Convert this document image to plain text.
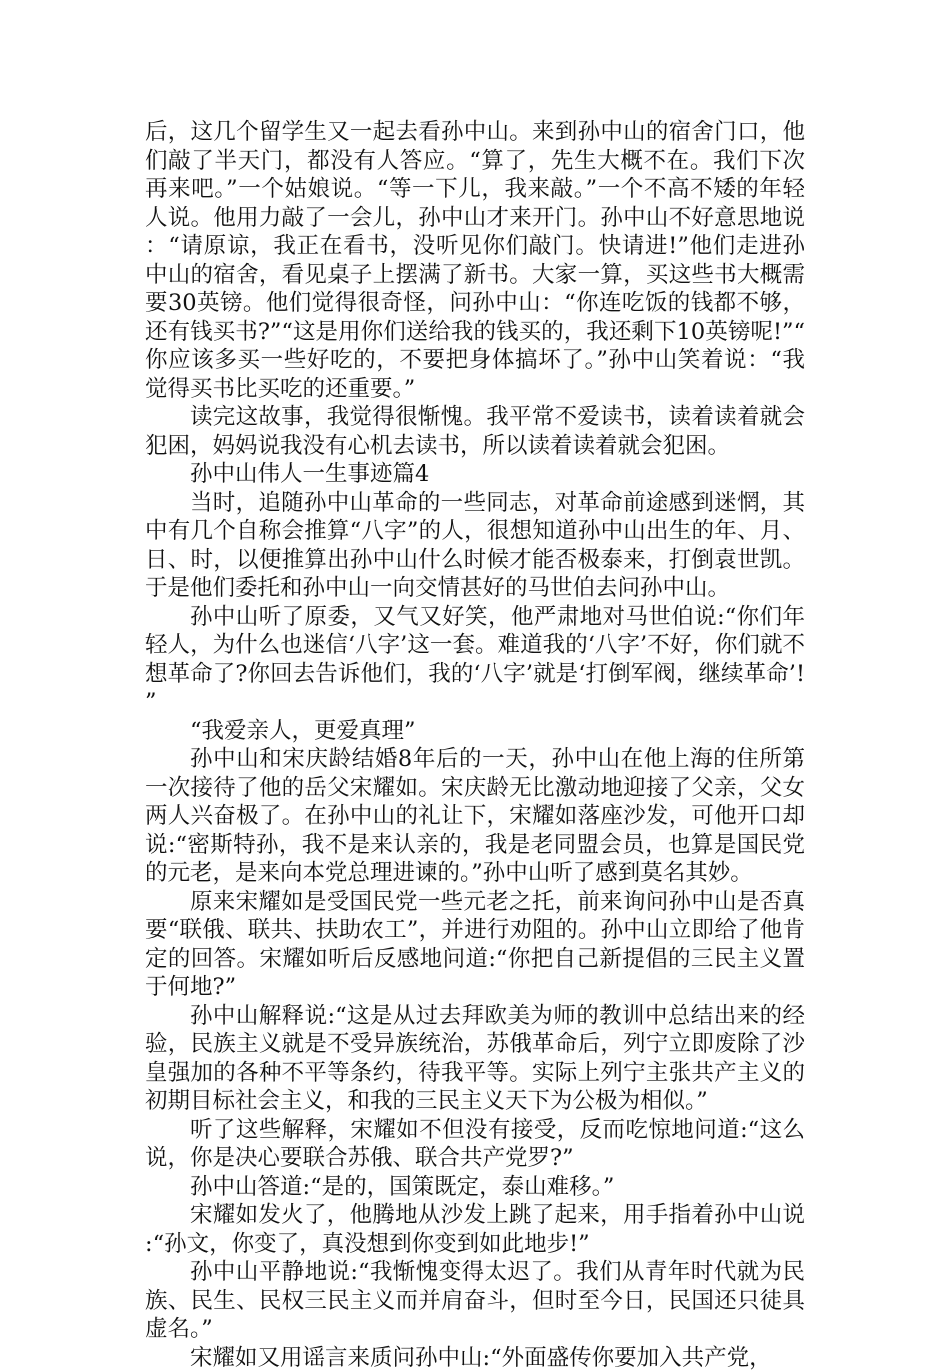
后，这几个留学生又一起去看孙中山。来到孙中山的宿舍门口，他们敲了半天门，都没有人答应。“算了，先生大概不在。我们下次再来吧。”一个姑娘说。“等一下儿，我来敲。”一个不高不矮的年轻人说。他用力敲了一会儿，孙中山才来开门。孙中山不好意思地说：“请原谅，我正在看书，没听见你们敲门。快请进!”他们走进孙中山的宿舍，看见桌子上摆满了新书。大家一算，买这些书大概需要30英镑。他们觉得很奇怪，问孙中山：“你连吃饭的钱都不够，还有钱买书?”“这是用你们送给我的钱买的，我还剩下10英镑呢!”“你应该多买一些好吃的，不要把身体搞坏了。”孙中山笑着说：“我觉得买书比买吃的还重要。”

读完这故事，我觉得很惭愧。我平常不爱读书，读着读着就会犯困，妈妈说我没有心机去读书，所以读着读着就会犯困。

孙中山伟人一生事迹篇4

当时，追随孙中山革命的一些同志，对革命前途感到迷惘，其中有几个自称会推算“八字”的人，很想知道孙中山出生的年、月、日、时，以便推算出孙中山什么时候才能否极泰来，打倒袁世凯。于是他们委托和孙中山一向交情甚好的马世伯去问孙中山。

孙中山听了原委，又气又好笑，他严肃地对马世伯说:“你们年轻人，为什么也迷信‘八字’这一套。难道我的‘八字’不好，你们就不想革命了?你回去告诉他们，我的‘八字’就是‘打倒军阀，继续革命’!”

“我爱亲人，更爱真理”

孙中山和宋庆龄结婚8年后的一天，孙中山在他上海的住所第一次接待了他的岳父宋耀如。宋庆龄无比激动地迎接了父亲，父女两人兴奋极了。在孙中山的礼让下，宋耀如落座沙发，可他开口却说:“密斯特孙，我不是来认亲的，我是老同盟会员，也算是国民党的元老，是来向本党总理进谏的。”孙中山听了感到莫名其妙。

原来宋耀如是受国民党一些元老之托，前来询问孙中山是否真要“联俄、联共、扶助农工”，并进行劝阻的。孙中山立即给了他肯定的回答。宋耀如听后反感地问道:“你把自己新提倡的三民主义置于何地?”

孙中山解释说:“这是从过去拜欧美为师的教训中总结出来的经验，民族主义就是不受异族统治，苏俄革命后，列宁立即废除了沙皇强加的各种不平等条约，待我平等。实际上列宁主张共产主义的初期目标社会主义，和我的三民主义天下为公极为相似。”

听了这些解释，宋耀如不但没有接受，反而吃惊地问道:“这么说，你是决心要联合苏俄、联合共产党罗?”

孙中山答道:“是的，国策既定，泰山难移。”

宋耀如发火了，他腾地从沙发上跳了起来，用手指着孙中山说:“孙文，你变了，真没想到你变到如此地步!”

孙中山平静地说:“我惭愧变得太迟了。我们从青年时代就为民族、民生、民权三民主义而并肩奋斗，但时至今日，民国还只徒具虚名。”

宋耀如又用谣言来质问孙中山:“外面盛传你要加入共产党，
